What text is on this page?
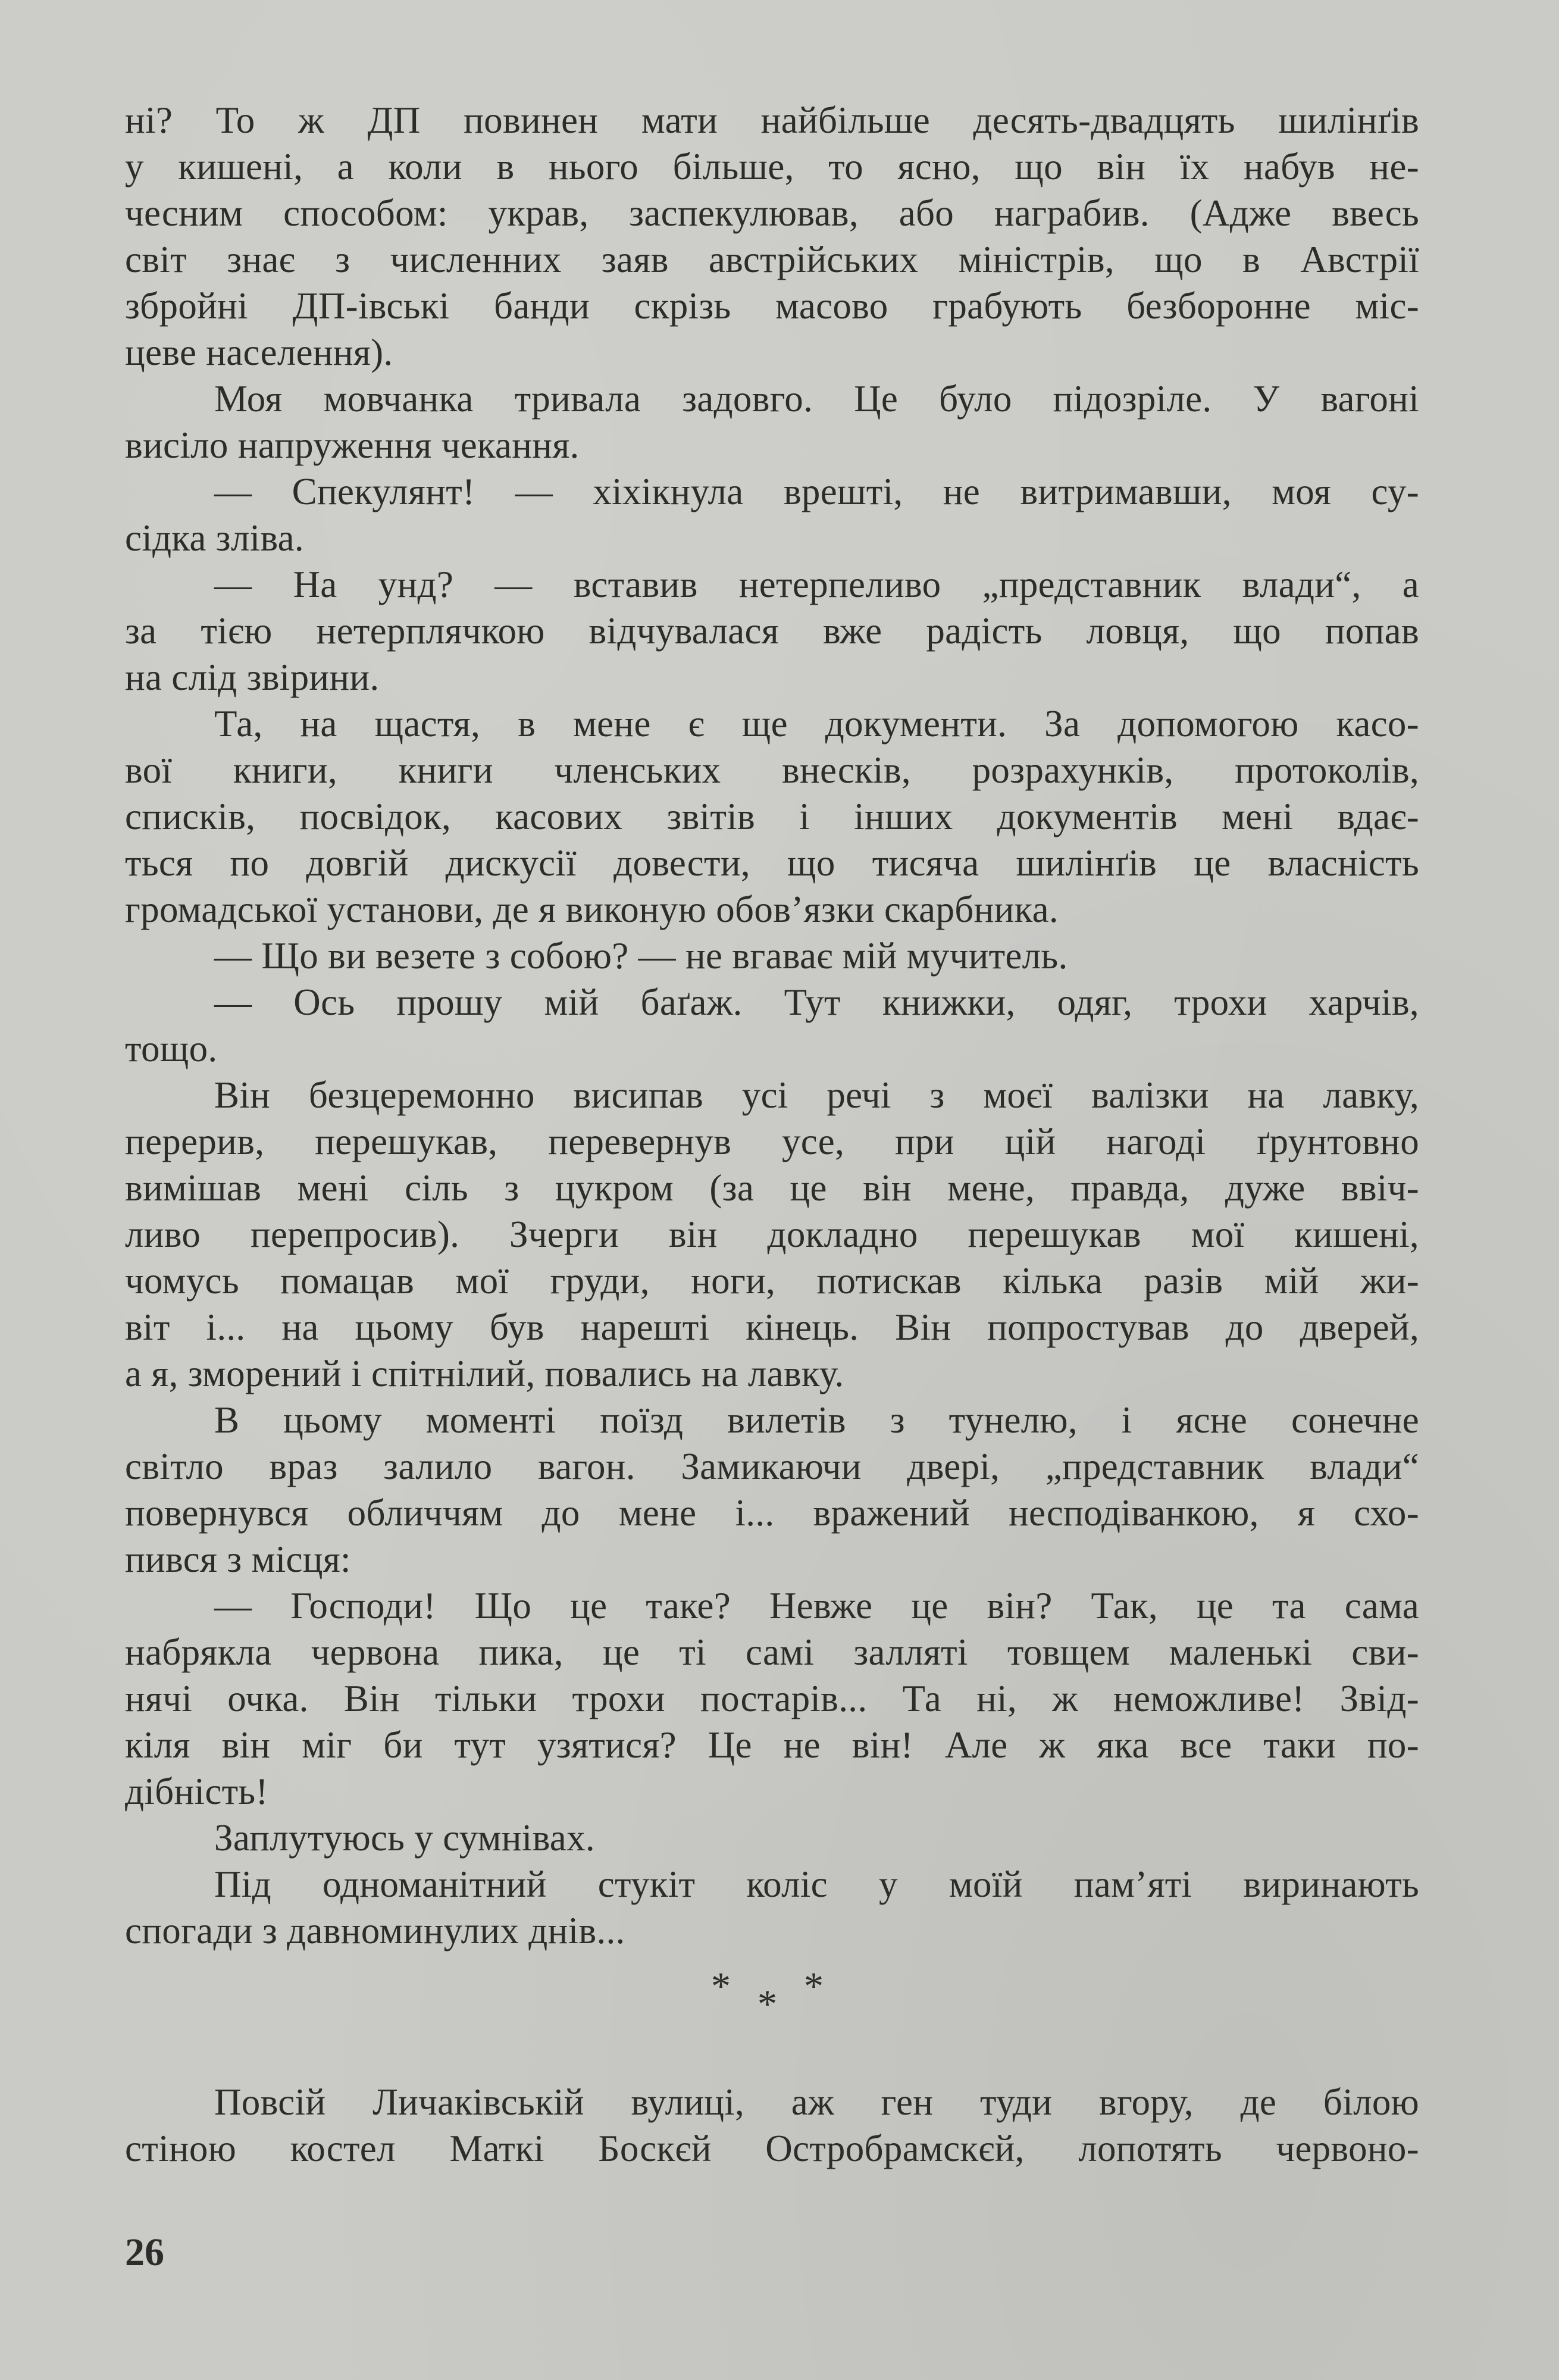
ні? То ж ДП повинен мати найбільше десять-двадцять шилінґів
у кишені, а коли в нього більше, то ясно, що він їх набув не-
чесним способом: украв, заспекулював, або награбив. (Адже ввесь
світ знає з численних заяв австрійських міністрів, що в Австрії
збройні ДП-івські банди скрізь масово грабують безборонне міс-
цеве населення).
Моя мовчанка тривала задовго. Це було підозріле. У вагоні
висіло напруження чекання.
— Спекулянт! — хіхікнула врешті, не витримавши, моя су-
сідка зліва.
— На унд? — вставив нетерпеливо „представник влади“, а
за тією нетерплячкою відчувалася вже радість ловця, що попав
на слід звірини.
Та, на щастя, в мене є ще документи. За допомогою касо-
вої книги, книги членських внесків, розрахунків, протоколів,
списків, посвідок, касових звітів і інших документів мені вдає-
ться по довгій дискусії довести, що тисяча шилінґів це власність
громадської установи, де я виконую обов’язки скарбника.
— Що ви везете з собою? — не вгаває мій мучитель.
— Ось прошу мій баґаж. Тут книжки, одяг, трохи харчів,
тощо.
Він безцеремонно висипав усі речі з моєї валізки на лавку,
перерив, перешукав, перевернув усе, при цій нагоді ґрунтовно
вимішав мені сіль з цукром (за це він мене, правда, дуже ввіч-
ливо перепросив). Зчерги він докладно перешукав мої кишені,
чомусь помацав мої груди, ноги, потискав кілька разів мій жи-
віт і... на цьому був нарешті кінець. Він попростував до дверей,
а я, зморений і спітнілий, повались на лавку.
В цьому моменті поїзд вилетів з тунелю, і ясне сонечне
світло враз залило вагон. Замикаючи двері, „представник влади“
повернувся обличчям до мене і... вражений несподіванкою, я схо-
пився з місця:
— Господи! Що це таке? Невже це він? Так, це та сама
набрякла червона пика, це ті самі залляті товщем маленькі сви-
нячі очка. Він тільки трохи постарів... Та ні, ж неможливе! Звід-
кіля він міг би тут узятися? Це не він! Але ж яка все таки по-
дібність!
Заплутуюсь у сумнівах.
Під одноманітний стукіт коліс у моїй пам’яті виринають
спогади з давноминулих днів...
* * *
Повсій Личаківській вулиці, аж ген туди вгору, де білою
стіною костел Маткі Боскєй Остробрамскєй, лопотять червоно-
26
